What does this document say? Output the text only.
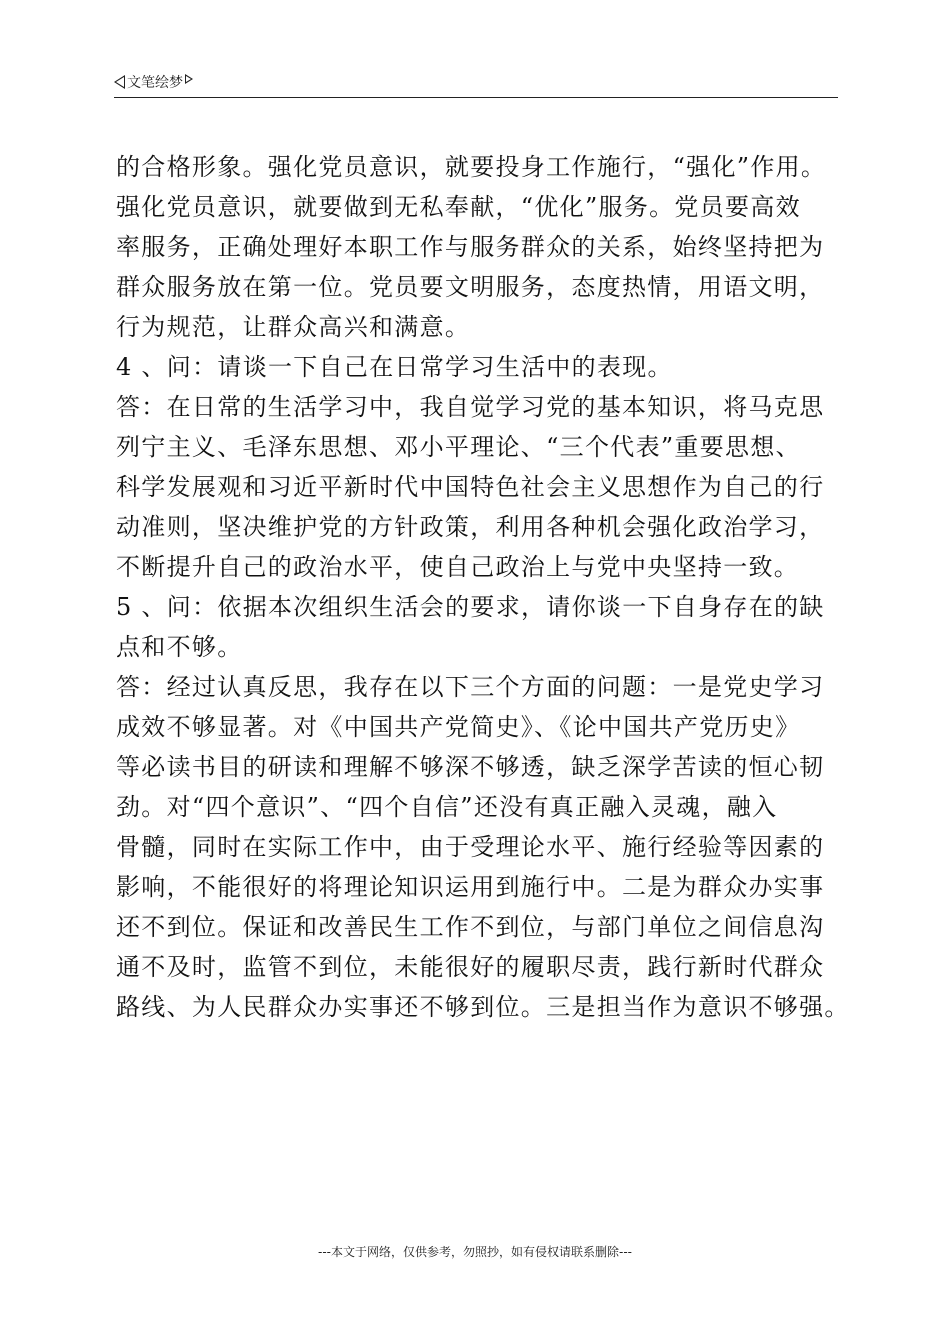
文笔绘梦
的合格形象。强化党员意识，就要投身工作施行，“强化”作用。
强化党员意识，就要做到无私奉献，“优化”服务。党员要高效
率服务，正确处理好本职工作与服务群众的关系，始终坚持把为
群众服务放在第一位。党员要文明服务，态度热情，用语文明，
行为规范，让群众高兴和满意。
4 、问：请谈一下自己在日常学习生活中的表现。
答：在日常的生活学习中，我自觉学习党的基本知识，将马克思
列宁主义、毛泽东思想、邓小平理论、“三个代表”重要思想、
科学发展观和习近平新时代中国特色社会主义思想作为自己的行
动准则，坚决维护党的方针政策，利用各种机会强化政治学习，
不断提升自己的政治水平，使自己政治上与党中央坚持一致。
5 、问：依据本次组织生活会的要求，请你谈一下自身存在的缺
点和不够。
答：经过认真反思，我存在以下三个方面的问题：一是党史学习
成效不够显著。对《中国共产党简史》、《论中国共产党历史》
等必读书目的研读和理解不够深不够透，缺乏深学苦读的恒心韧
劲。对“四个意识”、“四个自信”还没有真正融入灵魂，融入
骨髓，同时在实际工作中，由于受理论水平、施行经验等因素的
影响，不能很好的将理论知识运用到施行中。二是为群众办实事
还不到位。保证和改善民生工作不到位，与部门单位之间信息沟
通不及时，监管不到位，未能很好的履职尽责，践行新时代群众
路线、为人民群众办实事还不够到位。三是担当作为意识不够强。
---本文于网络，仅供参考，勿照抄，如有侵权请联系删除---
